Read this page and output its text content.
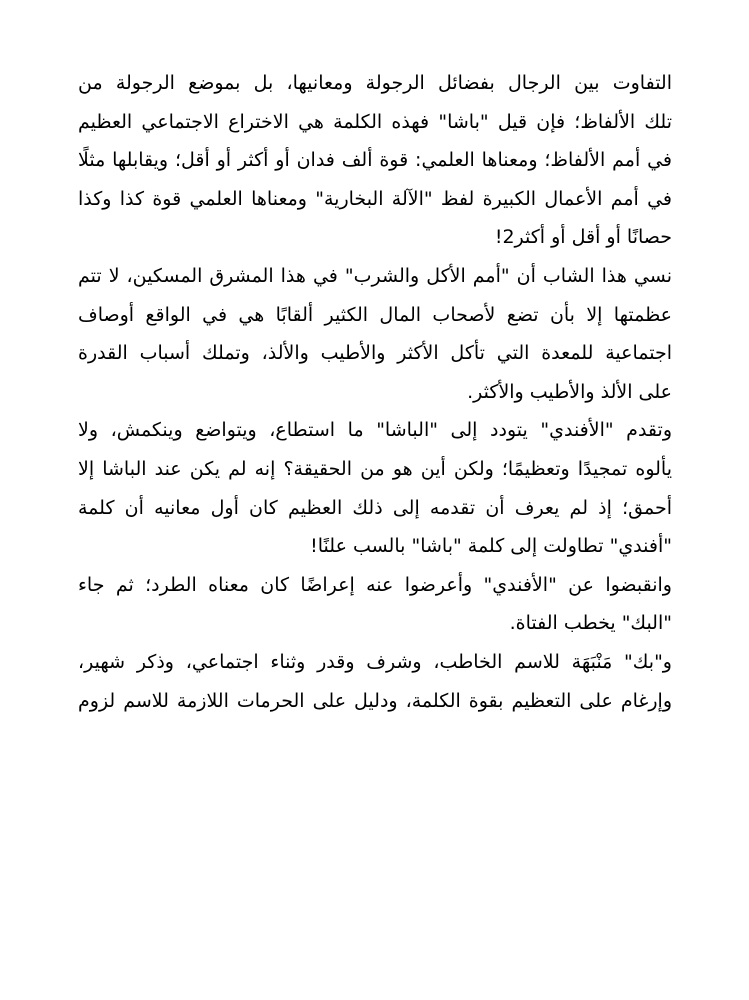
التفاوت بين الرجال بفضائل الرجولة ومعانيها، بل بموضع الرجولة من
تلك الألفاظ؛ فإن قيل "باشا" فهذه الكلمة هي الاختراع الاجتماعي العظيم
في أمم الألفاظ؛ ومعناها العلمي: قوة ألف فدان أو أكثر أو أقل؛ ويقابلها مثلًا
في أمم الأعمال الكبيرة لفظ "الآلة البخارية" ومعناها العلمي قوة كذا وكذا
حصانًا أو أقل أو أكثر2!

نسي هذا الشاب أن "أمم الأكل والشرب" في هذا المشرق المسكين، لا تتم
عظمتها إلا بأن تضع لأصحاب المال الكثير ألقابًا هي في الواقع أوصاف
اجتماعية للمعدة التي تأكل الأكثر والأطيب والألذ، وتملك أسباب القدرة
على الألذ والأطيب والأكثر.

وتقدم "الأفندي" يتودد إلى "الباشا" ما استطاع، ويتواضع وينكمش، ولا
يألوه تمجيدًا وتعظيمًا؛ ولكن أين هو من الحقيقة؟ إنه لم يكن عند الباشا إلا
أحمق؛ إذ لم يعرف أن تقدمه إلى ذلك العظيم كان أول معانيه أن كلمة
"أفندي" تطاولت إلى كلمة "باشا" بالسب علنًا!

وانقبضوا عن "الأفندي" وأعرضوا عنه إعراضًا كان معناه الطرد؛ ثم جاء
"البك" يخطب الفتاة.

و"بك" مَنْبَهَة للاسم الخاطب، وشرف وقدر وثناء اجتماعي، وذكر شهير،
وإرغام على التعظيم بقوة الكلمة، ودليل على الحرمات اللازمة للاسم لزوم
